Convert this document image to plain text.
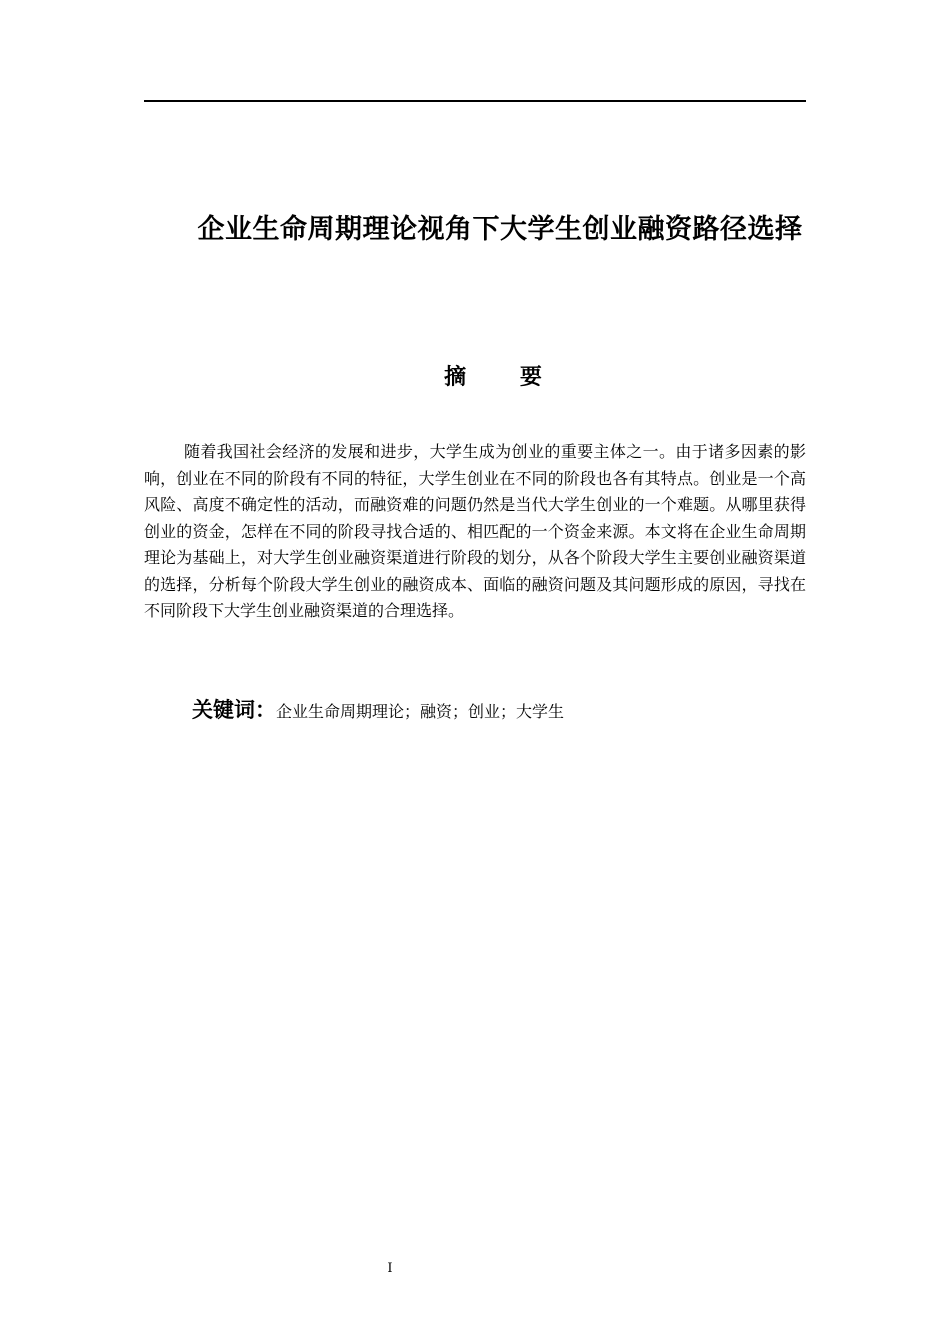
企业生命周期理论视角下大学生创业融资路径选择
摘 要

随着我国社会经济的发展和进步，大学生成为创业的重要主体之一。由于诸多因素的影响，创业在不同的阶段有不同的特征，大学生创业在不同的阶段也各有其特点。创业是一个高风险、高度不确定性的活动，而融资难的问题仍然是当代大学生创业的一个难题。从哪里获得创业的资金，怎样在不同的阶段寻找合适的、相匹配的一个资金来源。本文将在企业生命周期理论为基础上，对大学生创业融资渠道进行阶段的划分，从各个阶段大学生主要创业融资渠道的选择，分析每个阶段大学生创业的融资成本、面临的融资问题及其问题形成的原因，寻找在不同阶段下大学生创业融资渠道的合理选择。

关键词：企业生命周期理论；融资；创业；大学生

I
